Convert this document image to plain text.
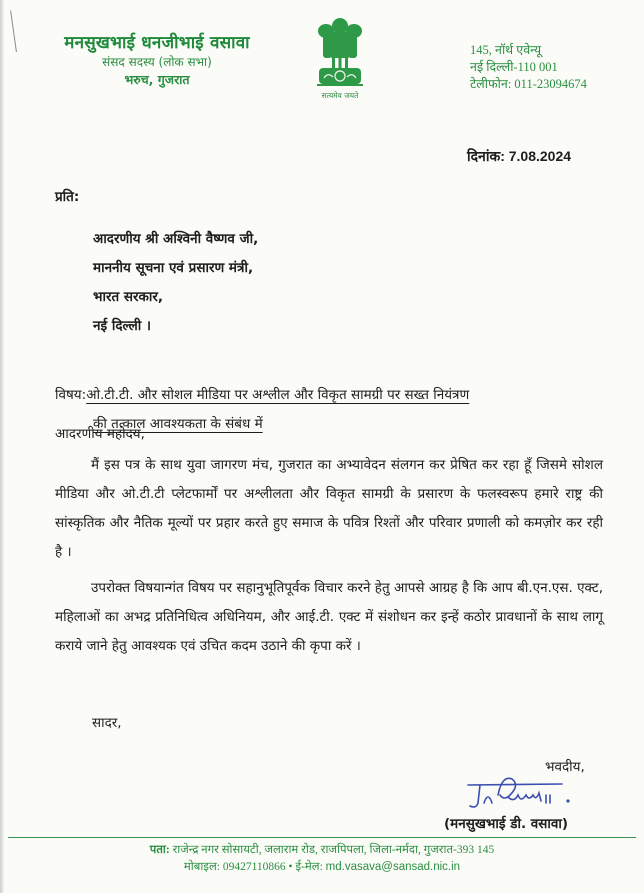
मनसुखभाई धनजीभाई वसावा
संसद सदस्य (लोक सभा)
भरुच, गुजरात
सत्यमेव जयते
145, नॉर्थ एवेन्यू
नई दिल्ली-110 001
टेलीफोन: 011-23094674
दिनांक: 7.08.2024
प्रति:
आदरणीय श्री अश्विनी वैष्णव जी,
माननीय सूचना एवं प्रसारण मंत्री,
भारत सरकार,
नई दिल्ली ।
विषय:ओ.टी.टी. और सोशल मीडिया पर अश्लील और विकृत सामग्री पर सख्त नियंत्रण
की तत्काल आवश्यकता के संबंध में
आदरणीय महोदय,
मैं इस पत्र के साथ युवा जागरण मंच, गुजरात का अभ्यावेदन संलगन कर प्रेषित कर रहा हूँ जिसमे सोशल मीडिया और ओ.टी.टी प्लेटफार्मों पर अश्लीलता और विकृत सामग्री के प्रसारण के फलस्वरूप हमारे राष्ट्र की सांस्कृतिक और नैतिक मूल्यों पर प्रहार करते हुए समाज के पवित्र रिश्तों और परिवार प्रणाली को कमज़ोर कर रही है ।
उपरोक्त विषयान्गंत विषय पर सहानुभूतिपूर्वक विचार करने हेतु आपसे आग्रह है कि आप बी.एन.एस. एक्ट, महिलाओं का अभद्र प्रतिनिधित्व अधिनियम, और आई.टी. एक्ट में संशोधन कर इन्हें कठोर प्रावधानों के साथ लागू कराये जाने हेतु आवश्यक एवं उचित कदम उठाने की कृपा करें ।
सादर,
भवदीय,
(मनसुखभाई डी. वसावा)
पता: राजेन्द्र नगर सोसायटी, जलाराम रोड, राजपिपला, जिला-नर्मदा, गुजरात-393 145
मोबाइल: 09427110866 • ई-मेल: md.vasava@sansad.nic.in
